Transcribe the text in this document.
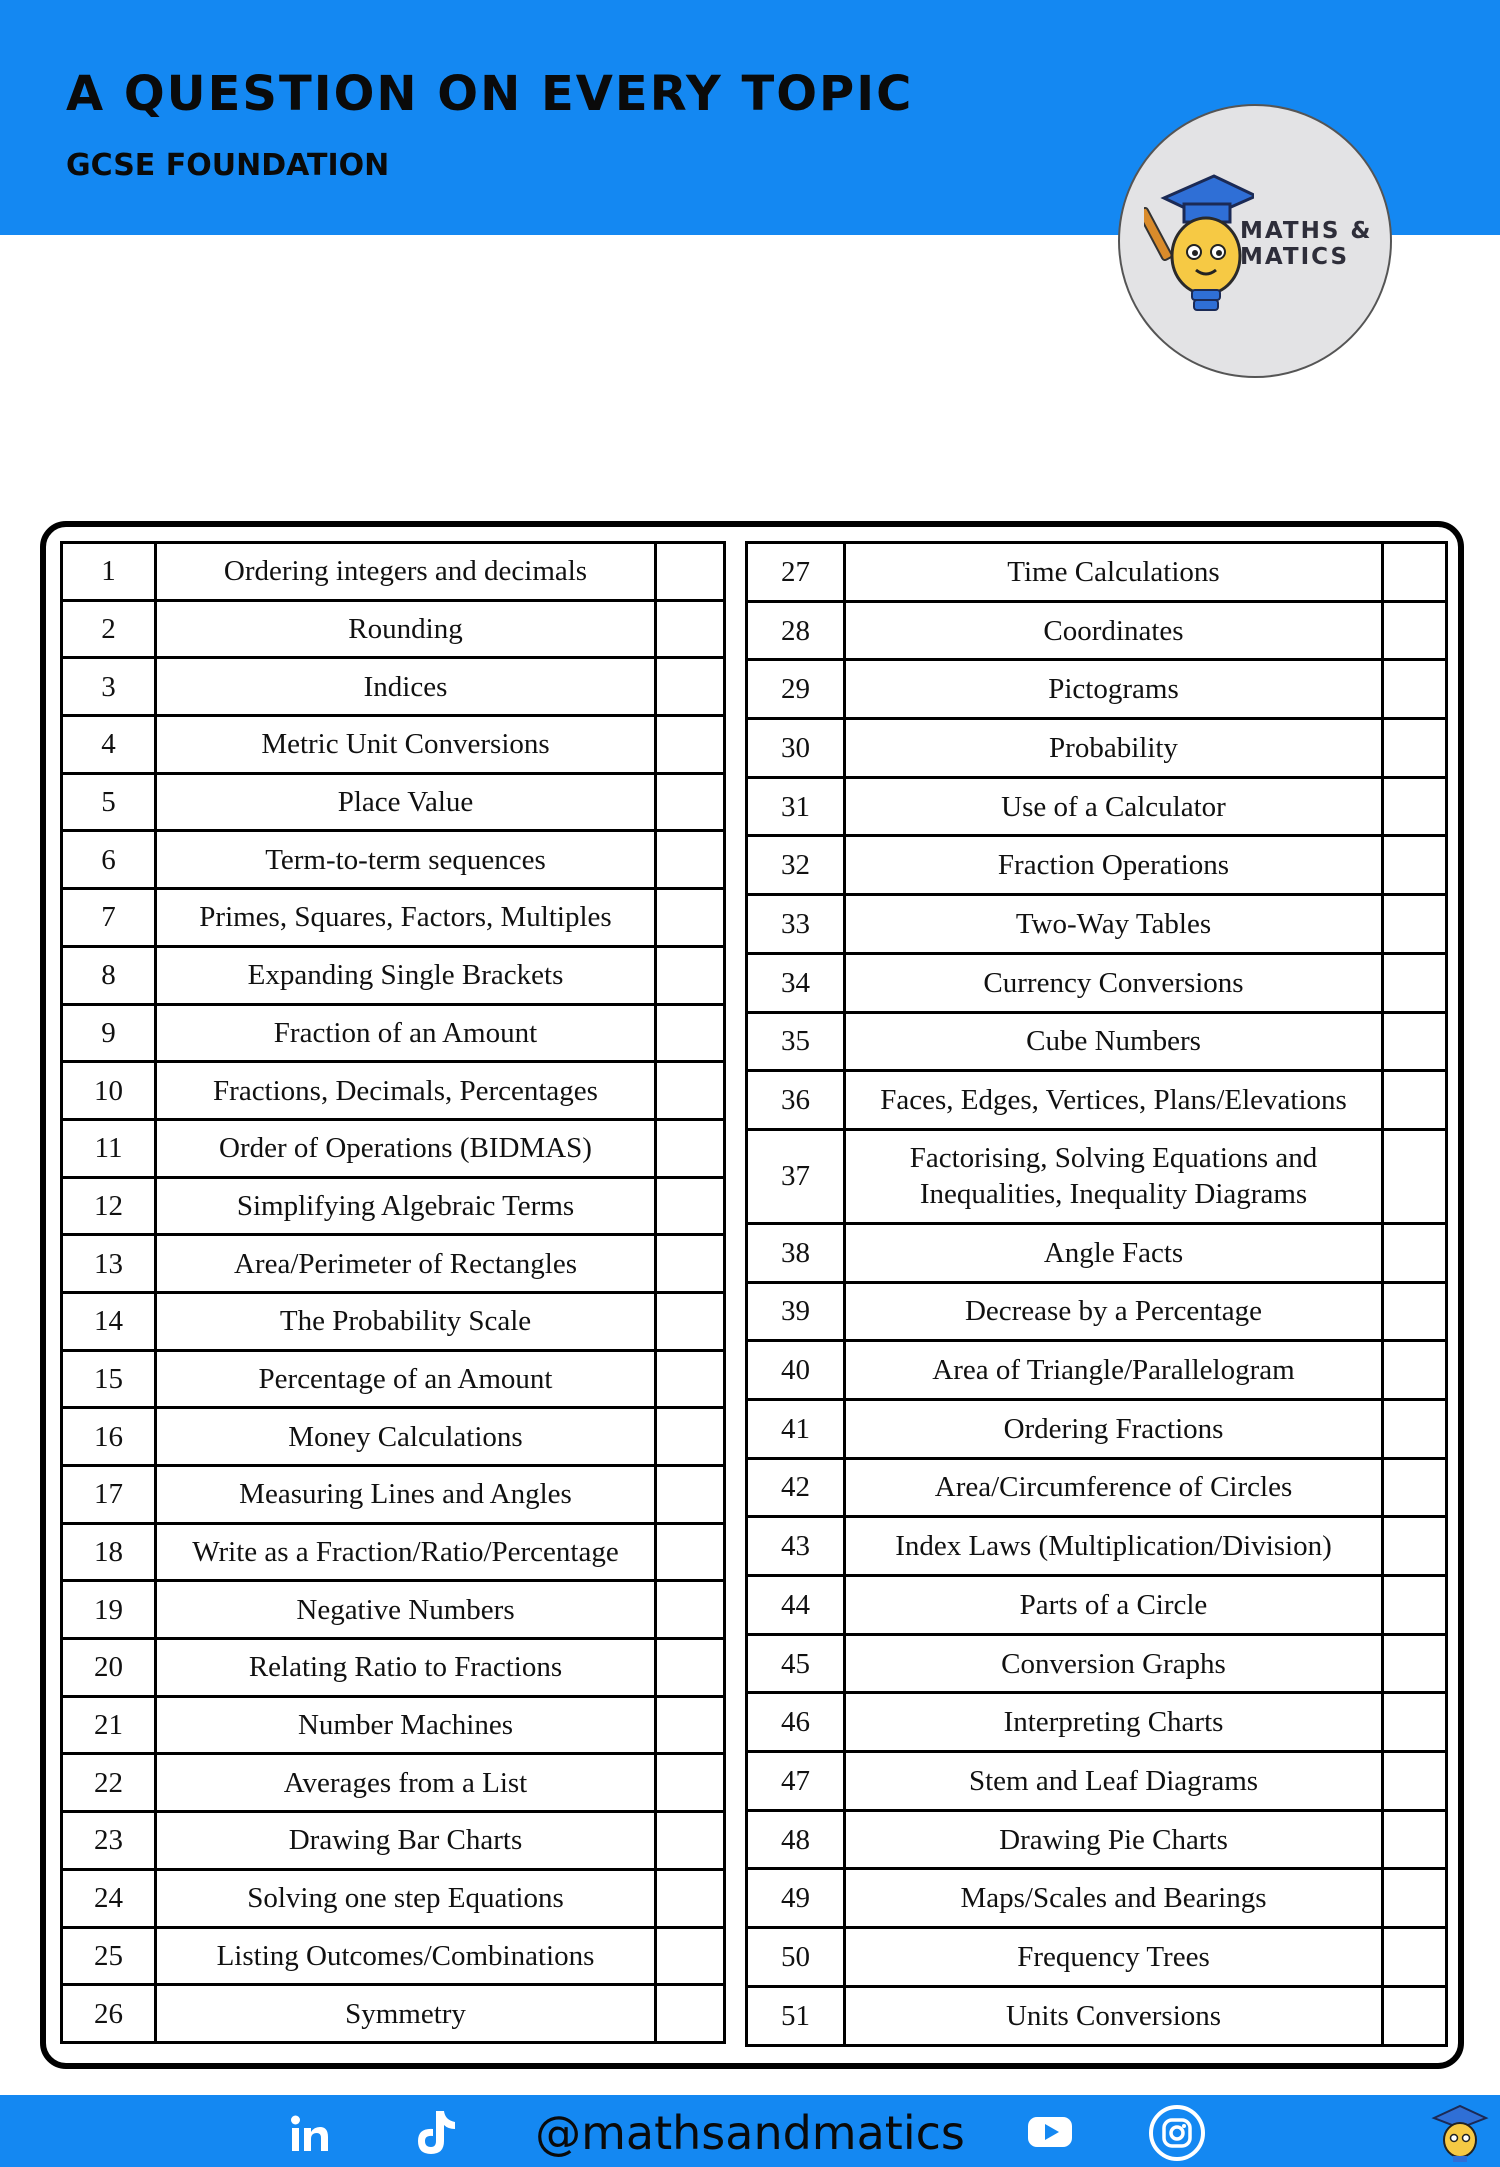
A QUESTION ON EVERY TOPIC
GCSE FOUNDATION
MATHS &
MATICS
1	Ordering integers and decimals	
2	Rounding	
3	Indices	
4	Metric Unit Conversions	
5	Place Value	
6	Term-to-term sequences	
7	Primes, Squares, Factors, Multiples	
8	Expanding Single Brackets	
9	Fraction of an Amount	
10	Fractions, Decimals, Percentages	
11	Order of Operations (BIDMAS)	
12	Simplifying Algebraic Terms	
13	Area/Perimeter of Rectangles	
14	The Probability Scale	
15	Percentage of an Amount	
16	Money Calculations	
17	Measuring Lines and Angles	
18	Write as a Fraction/Ratio/Percentage	
19	Negative Numbers	
20	Relating Ratio to Fractions	
21	Number Machines	
22	Averages from a List	
23	Drawing Bar Charts	
24	Solving one step Equations	
25	Listing Outcomes/Combinations	
26	Symmetry	
27	Time Calculations	
28	Coordinates	
29	Pictograms	
30	Probability	
31	Use of a Calculator	
32	Fraction Operations	
33	Two-Way Tables	
34	Currency Conversions	
35	Cube Numbers	
36	Faces, Edges, Vertices, Plans/Elevations	
37	Factorising, Solving Equations and
Inequalities, Inequality Diagrams	

38	Angle Facts	
39	Decrease by a Percentage	
40	Area of Triangle/Parallelogram	
41	Ordering Fractions	
42	Area/Circumference of Circles	
43	Index Laws (Multiplication/Division)	
44	Parts of a Circle	
45	Conversion Graphs	
46	Interpreting Charts	
47	Stem and Leaf Diagrams	
48	Drawing Pie Charts	
49	Maps/Scales and Bearings	
50	Frequency Trees	
51	Units Conversions	
@mathsandmatics
